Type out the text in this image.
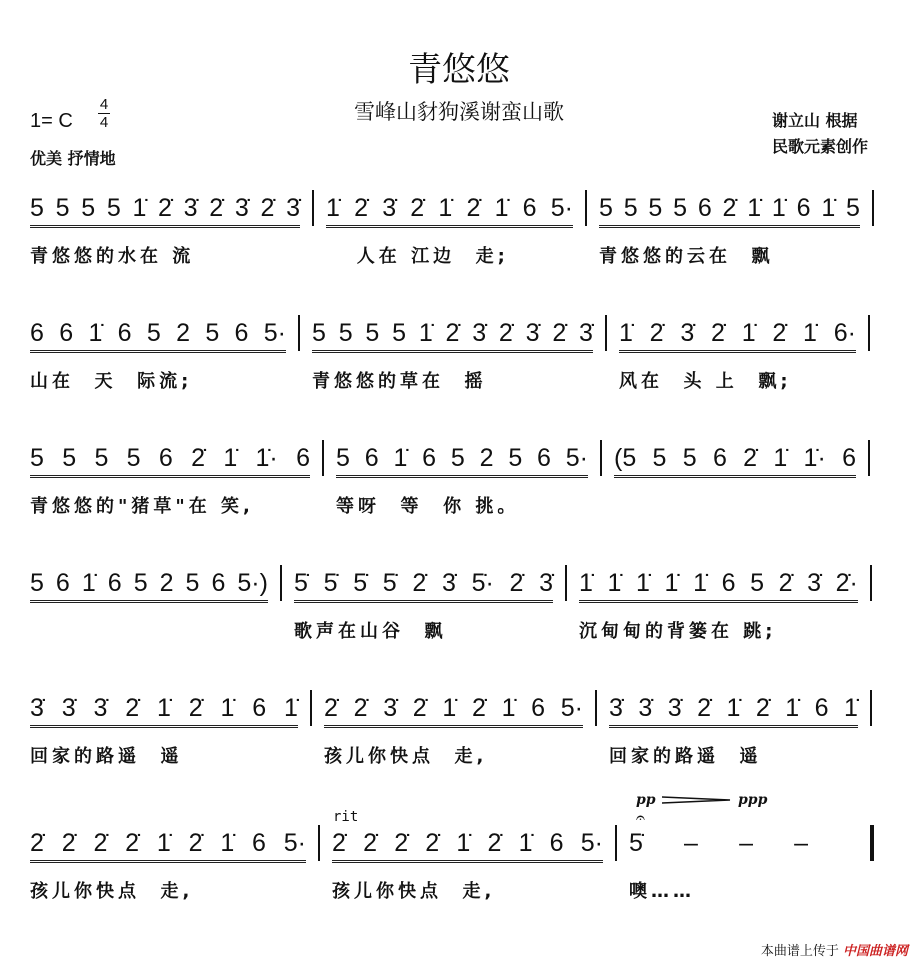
青悠悠
雪峰山豺狗溪谢蛮山歌
1= C
4
4
优美 抒情地
谢立山 根据
民歌元素创作
5 5 5 5 1̇ 2̇ 3̇ 2̇ 3̇ 2̇ 3̇
青悠悠的水在 流
1̇ 2̇ 3̇ 2̇ 1̇ 2̇ 1̇ 6 5·
人在 江边  走;
5 5 5 5 6 2̇ 1̇ 1̇ 6 1̇ 5
青悠悠的云在  飘
6 6 1̇ 6 5 2 5 6 5·
山在  天  际流;
5 5 5 5 1̇ 2̇ 3̇ 2̇ 3̇ 2̇ 3̇
青悠悠的草在  摇
1̇ 2̇ 3̇ 2̇ 1̇ 2̇ 1̇ 6·
风在  头 上  飘;
5 5 5 5 6 2̇ 1̇ 1̇· 6
青悠悠的"猪草"在 笑,
5 6 1̇ 6 5 2 5 6 5·
等呀  等  你 挑。
(5 5 5 6 2̇ 1̇ 1̇· 6
5 6 1̇ 6 5 2 5 6 5·) 5̇ 5̇ 5̇ 5̇ 2̇ 3̇ 5̇· 2̇ 3̇
歌声在山谷  飘
1̇ 1̇ 1̇ 1̇ 1̇ 6 5 2̇ 3̇ 2̇·
沉甸甸的背篓在 跳;
3̇ 3̇ 3̇ 2̇ 1̇ 2̇ 1̇ 6 1̇
回家的路遥  遥
2̇ 2̇ 3̇ 2̇ 1̇ 2̇ 1̇ 6 5·
孩儿你快点  走,
3̇ 3̇ 3̇ 2̇ 1̇ 2̇ 1̇ 6 1̇
回家的路遥  遥
2̇ 2̇ 2̇ 2̇ 1̇ 2̇ 1̇ 6 5·
孩儿你快点  走,
2̇ 2̇ 2̇ 2̇ 1̇ 2̇ 1̇ 6 5·
孩儿你快点  走,
5̇ – – –
噢……
rit
pp	ppp
𝄐
本曲谱上传于 中国曲谱网
